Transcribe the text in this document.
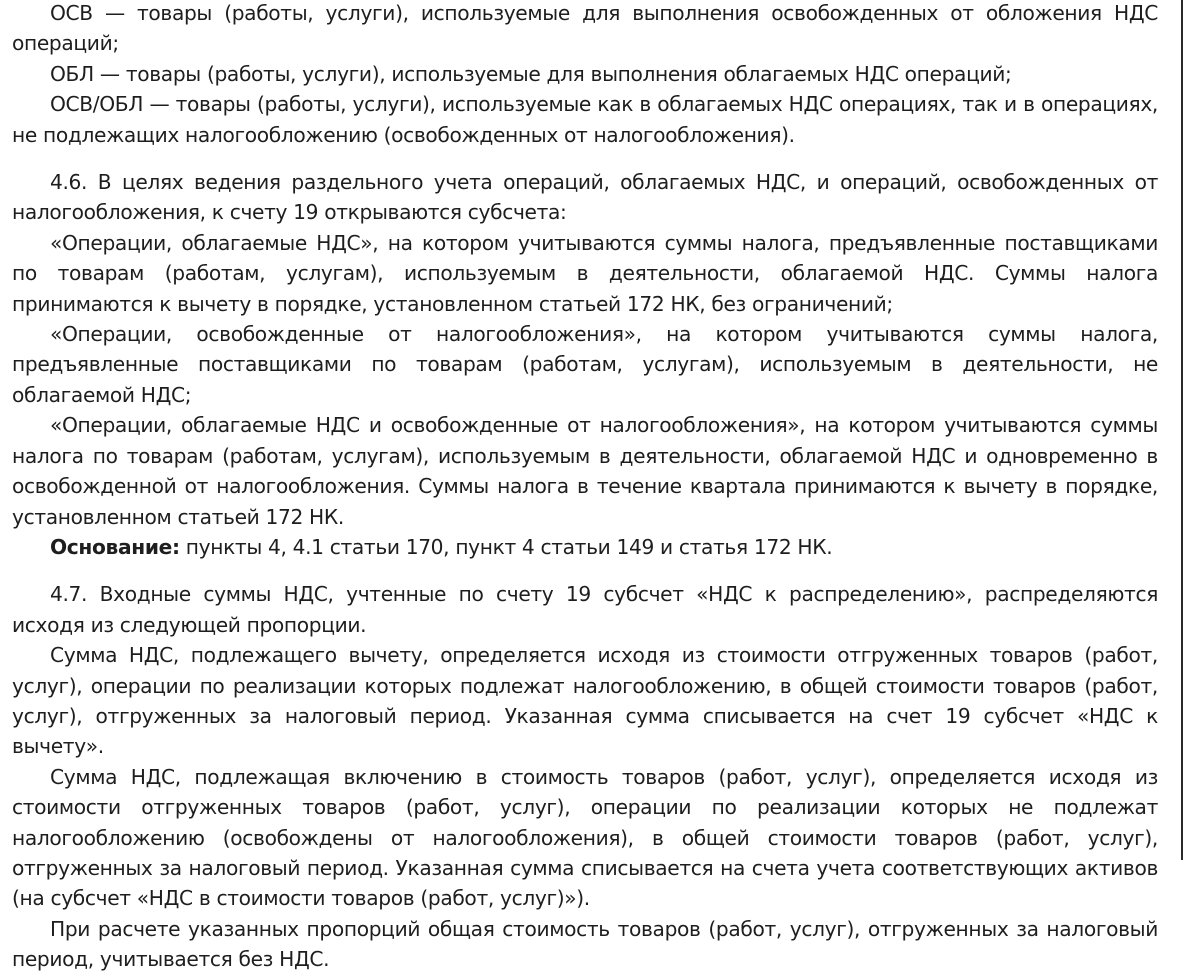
ОСВ — товары (работы, услуги), используемые для выполнения освобожденных от обложения НДС операций;

ОБЛ — товары (работы, услуги), используемые для выполнения облагаемых НДС операций;

ОСВ/ОБЛ — товары (работы, услуги), используемые как в облагаемых НДС операциях, так и в операциях, не подлежащих налогообложению (освобожденных от налогообложения).

4.6. В целях ведения раздельного учета операций, облагаемых НДС, и операций, освобожденных от налогообложения, к счету 19 открываются субсчета:

«Операции, облагаемые НДС», на котором учитываются суммы налога, предъявленные поставщиками по товарам (работам, услугам), используемым в деятельности, облагаемой НДС. Суммы налога принимаются к вычету в порядке, установленном статьей 172 НК, без ограничений;

«Операции, освобожденные от налогообложения», на котором учитываются суммы налога, предъявленные поставщиками по товарам (работам, услугам), используемым в деятельности, не облагаемой НДС;

«Операции, облагаемые НДС и освобожденные от налогообложения», на котором учитываются суммы налога по товарам (работам, услугам), используемым в деятельности, облагаемой НДС и одновременно в освобожденной от налогообложения. Суммы налога в течение квартала принимаются к вычету в порядке, установленном статьей 172 НК.

Основание: пункты 4, 4.1 статьи 170, пункт 4 статьи 149 и статья 172 НК.

4.7. Входные суммы НДС, учтенные по счету 19 субсчет «НДС к распределению», распределяются исходя из следующей пропорции.

Сумма НДС, подлежащего вычету, определяется исходя из стоимости отгруженных товаров (работ, услуг), операции по реализации которых подлежат налогообложению, в общей стоимости товаров (работ, услуг), отгруженных за налоговый период. Указанная сумма списывается на счет 19 субсчет «НДС к вычету».

Сумма НДС, подлежащая включению в стоимость товаров (работ, услуг), определяется исходя из стоимости отгруженных товаров (работ, услуг), операции по реализации которых не подлежат налогообложению (освобождены от налогообложения), в общей стоимости товаров (работ, услуг), отгруженных за налоговый период. Указанная сумма списывается на счета учета соответствующих активов (на субсчет «НДС в стоимости товаров (работ, услуг)»).

При расчете указанных пропорций общая стоимость товаров (работ, услуг), отгруженных за налоговый период, учитывается без НДС.
